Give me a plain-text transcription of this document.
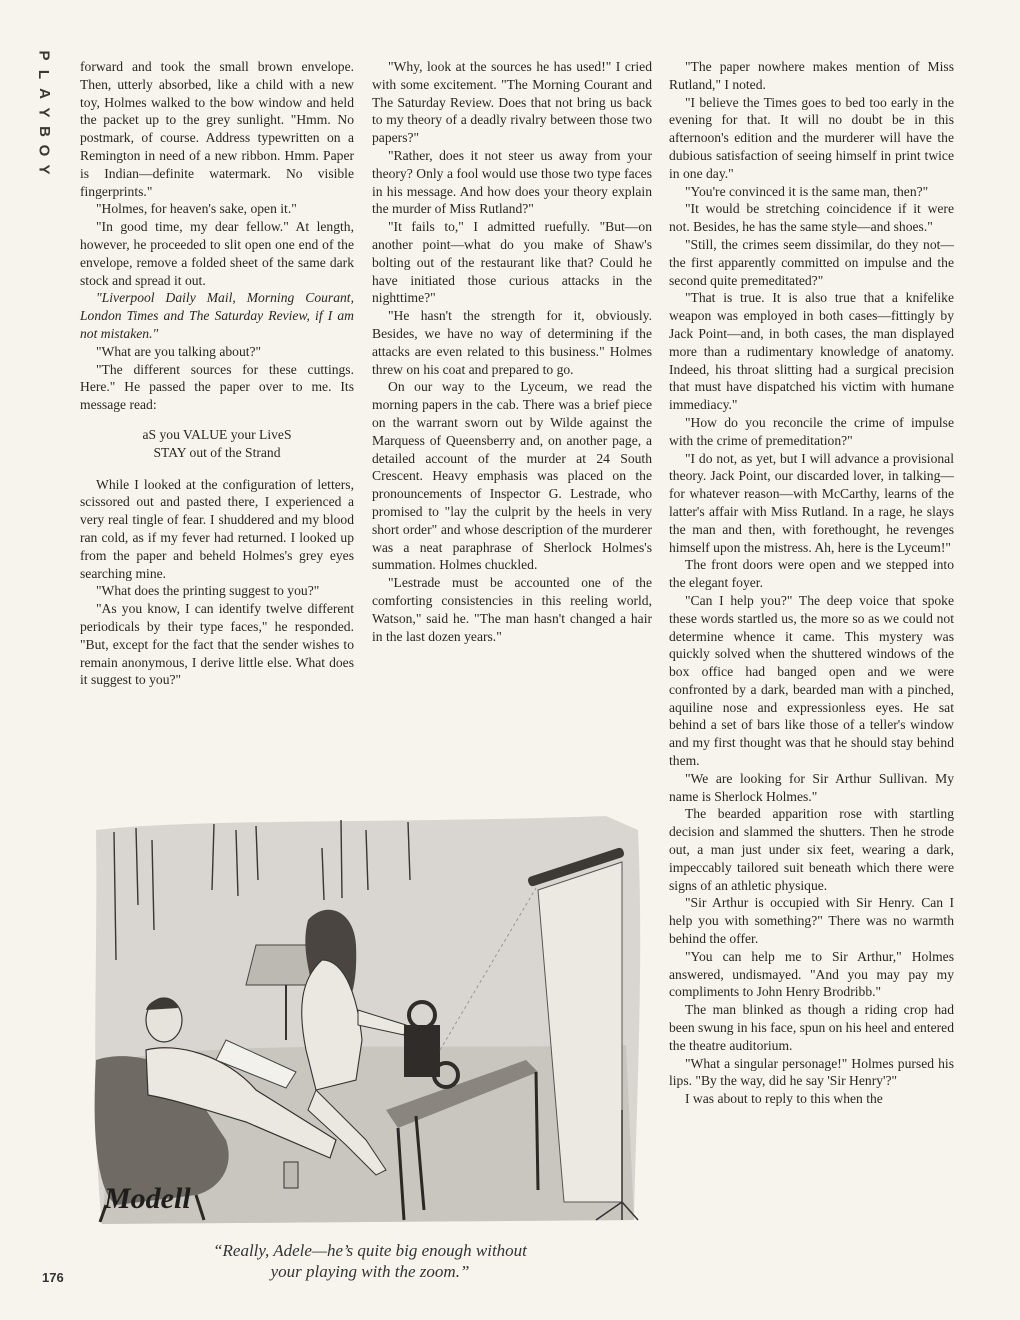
P
L
A
Y
B
O
Y

forward and took the small brown envelope. Then, utterly absorbed, like a child with a new toy, Holmes walked to the bow window and held the packet up to the grey sunlight. "Hmm. No postmark, of course. Address typewritten on a Remington in need of a new ribbon. Hmm. Paper is Indian—definite watermark. No visible fingerprints."

"Holmes, for heaven's sake, open it."

"In good time, my dear fellow." At length, however, he proceeded to slit open one end of the envelope, remove a folded sheet of the same dark stock and spread it out.

"Liverpool Daily Mail, Morning Courant, London Times and The Saturday Review, if I am not mistaken."

"What are you talking about?"

"The different sources for these cuttings. Here." He passed the paper over to me. Its message read:

aS you VALUE your LiveS
STAY out of the Strand

While I looked at the configuration of letters, scissored out and pasted there, I experienced a very real tingle of fear. I shuddered and my blood ran cold, as if my fever had returned. I looked up from the paper and beheld Holmes's grey eyes searching mine.

"What does the printing suggest to you?"

"As you know, I can identify twelve different periodicals by their type faces," he responded. "But, except for the fact that the sender wishes to remain anonymous, I derive little else. What does it suggest to you?"

"Why, look at the sources he has used!" I cried with some excitement. "The Morning Courant and The Saturday Review. Does that not bring us back to my theory of a deadly rivalry between those two papers?"

"Rather, does it not steer us away from your theory? Only a fool would use those two type faces in his message. And how does your theory explain the murder of Miss Rutland?"

"It fails to," I admitted ruefully. "But—on another point—what do you make of Shaw's bolting out of the restaurant like that? Could he have initiated those curious attacks in the nighttime?"

"He hasn't the strength for it, obviously. Besides, we have no way of determining if the attacks are even related to this business." Holmes threw on his coat and prepared to go.

On our way to the Lyceum, we read the morning papers in the cab. There was a brief piece on the warrant sworn out by Wilde against the Marquess of Queensberry and, on another page, a detailed account of the murder at 24 South Crescent. Heavy emphasis was placed on the pronouncements of Inspector G. Lestrade, who promised to "lay the culprit by the heels in very short order" and whose description of the murderer was a neat paraphrase of Sherlock Holmes's summation. Holmes chuckled.

"Lestrade must be accounted one of the comforting consistencies in this reeling world, Watson," said he. "The man hasn't changed a hair in the last dozen years."

"The paper nowhere makes mention of Miss Rutland," I noted.

"I believe the Times goes to bed too early in the evening for that. It will no doubt be in this afternoon's edition and the murderer will have the dubious satisfaction of seeing himself in print twice in one day."

"You're convinced it is the same man, then?"

"It would be stretching coincidence if it were not. Besides, he has the same style—and shoes."

"Still, the crimes seem dissimilar, do they not—the first apparently committed on impulse and the second quite premeditated?"

"That is true. It is also true that a knifelike weapon was employed in both cases—fittingly by Jack Point—and, in both cases, the man displayed more than a rudimentary knowledge of anatomy. Indeed, his throat slitting had a surgical precision that must have dispatched his victim with humane immediacy."

"How do you reconcile the crime of impulse with the crime of premeditation?"

"I do not, as yet, but I will advance a provisional theory. Jack Point, our discarded lover, in talking—for whatever reason—with McCarthy, learns of the latter's affair with Miss Rutland. In a rage, he slays the man and then, with forethought, he revenges himself upon the mistress. Ah, here is the Lyceum!"

The front doors were open and we stepped into the elegant foyer.

"Can I help you?" The deep voice that spoke these words startled us, the more so as we could not determine whence it came. This mystery was quickly solved when the shuttered windows of the box office had banged open and we were confronted by a dark, bearded man with a pinched, aquiline nose and expressionless eyes. He sat behind a set of bars like those of a teller's window and my first thought was that he should stay behind them.

"We are looking for Sir Arthur Sullivan. My name is Sherlock Holmes."

The bearded apparition rose with startling decision and slammed the shutters. Then he strode out, a man just under six feet, wearing a dark, impeccably tailored suit beneath which there were signs of an athletic physique.

"Sir Arthur is occupied with Sir Henry. Can I help you with something?" There was no warmth behind the offer.

"You can help me to Sir Arthur," Holmes answered, undismayed. "And you may pay my compliments to John Henry Brodribb."

The man blinked as though a riding crop had been swung in his face, spun on his heel and entered the theatre auditorium.

"What a singular personage!" Holmes pursed his lips. "By the way, did he say 'Sir Henry'?"

I was about to reply to this when the

Modell
“Really, Adele—he’s quite big enough without
your playing with the zoom.”
176
